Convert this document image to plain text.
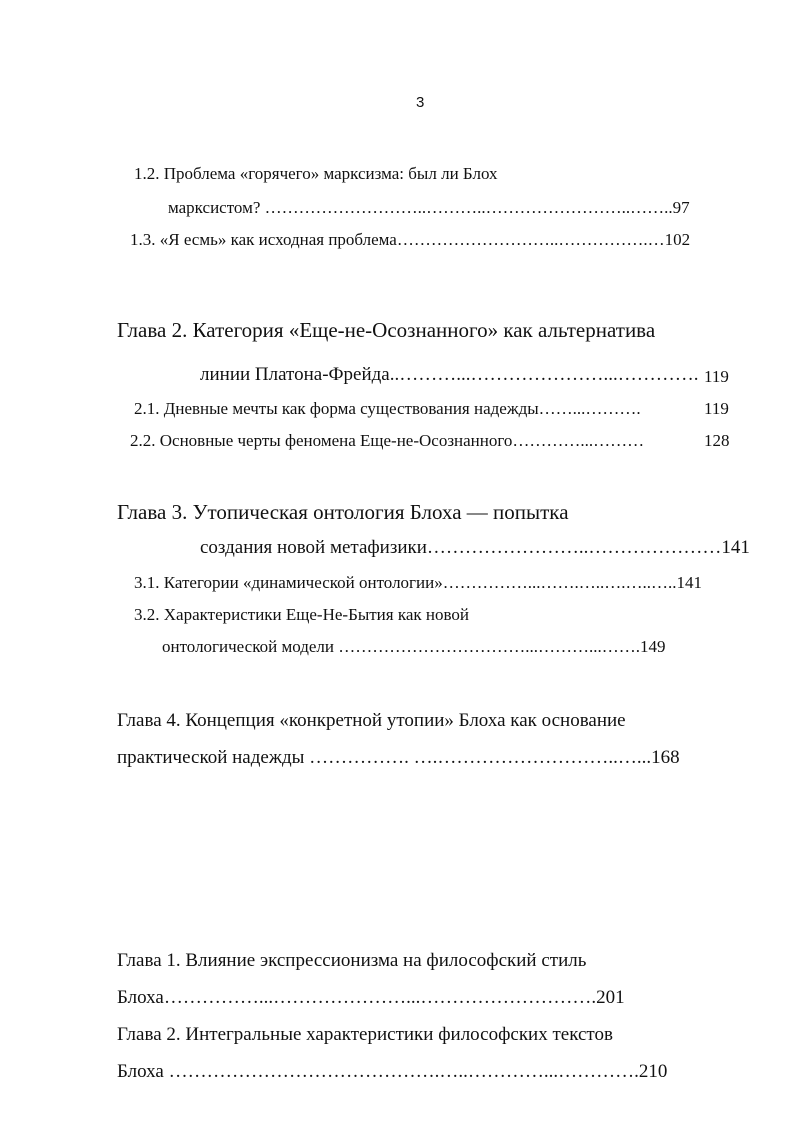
3
1.2. Проблема «горячего» марксизма: был ли Блох
марксистом? ………………………..………..……………………..……..97
1.3. «Я есмь» как исходная проблема………………………..…………….…102
Глава 2. Категория «Еще-не-Осознанного» как альтернатива
линии Платона-Фрейда..………...…………………...…………. 119
2.1. Дневные мечты как форма существования надежды……...……….	119
2.2. Основные черты феномена Еще-не-Осознанного…………...………	128
Глава 3. Утопическая онтология Блоха — попытка
создания новой метафизики……………………..…………………141
3.1. Категории «динамической онтологии»……………...…….…..….…..…..141
3.2. Характеристики Еще-Не-Бытия как новой
онтологической модели ……………………………...………...…….149
Глава 4. Концепция «конкретной утопии» Блоха как основание
практической надежды ……………. ….………………………..…...168
Глава 1. Влияние экспрессионизма на философский стиль
Блоха……………...…………………...……………………….201
Глава 2. Интегральные характеристики философских текстов
Блоха …………………………………….…..…………...………….210
